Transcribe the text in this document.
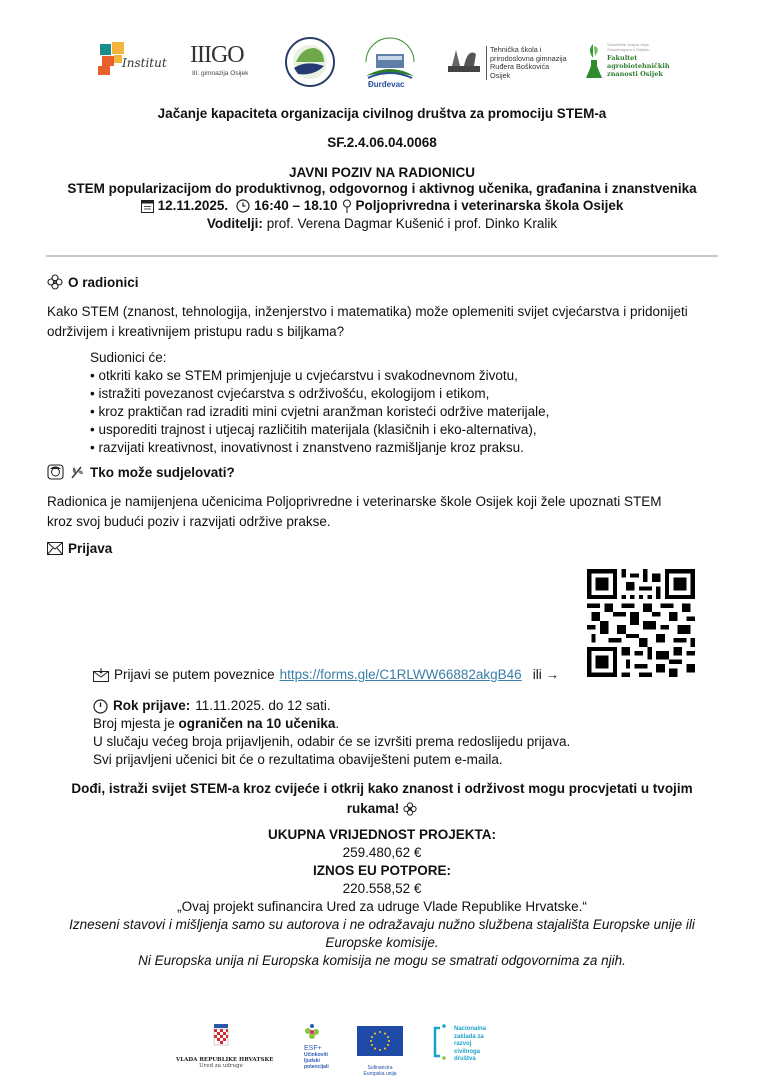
Institut IIIGO
III. gimnazija Osijek
Đurđevac
Tehnička škola i
prirodoslovna gimnazija
Ruđera Boškovića
Osijek
Sveučilište Josipa Jurja Strossmayera u Osijeku
Fakultet
agrobiotehničkih
znanosti Osijek
Jačanje kapaciteta organizacija civilnog društva za promociju STEM-a
SF.2.4.06.04.0068
JAVNI POZIV NA RADIONICU
STEM popularizacijom do produktivnog, odgovornog i aktivnog učenika, građanina i znanstvenika
12.11.2025. 16:40 – 18.10 Poljoprivredna i veterinarska škola Osijek
Voditelji: prof. Verena Dagmar Kušenić i prof. Dinko Kralik
O radionici
Kako STEM (znanost, tehnologija, inženjerstvo i matematika) može oplemeniti svijet cvjećarstva i pridonijeti
održivijem i kreativnijem pristupu radu s biljkama?
Sudionici će:
• otkriti kako se STEM primjenjuje u cvjećarstvu i svakodnevnom životu,
• istražiti povezanost cvjećarstva s održivošću, ekologijom i etikom,
• kroz praktičan rad izraditi mini cvjetni aranžman koristeći održive materijale,
• usporediti trajnost i utjecaj različitih materijala (klasičnih i eko-alternativa),
• razvijati kreativnost, inovativnost i znanstveno razmišljanje kroz praksu.
Tko može sudjelovati?
Radionica je namijenjena učenicima Poljoprivredne i veterinarske škole Osijek koji žele upoznati STEM
kroz svoj budući poziv i razvijati održive prakse.
Prijava
Prijavi se putem poveznice https://forms.gle/C1RLWW66882akgB46 ili →
Rok prijave: 11.11.2025. do 12 sati.
Broj mjesta je ograničen na 10 učenika.
U slučaju većeg broja prijavljenih, odabir će se izvršiti prema redoslijedu prijava.
Svi prijavljeni učenici bit će o rezultatima obaviješteni putem e-maila.
Dođi, istraži svijet STEM-a kroz cvijeće i otkrij kako znanost i održivost mogu procvjetati u tvojim
rukama!
UKUPNA VRIJEDNOST PROJEKTA:
259.480,62 €
IZNOS EU POTPORE:
220.558,52 €
„Ovaj projekt sufinancira Ured za udruge Vlade Republike Hrvatske.“
Izneseni stavovi i mišljenja samo su autorova i ne odražavaju nužno službena stajališta Europske unije ili
Europske komisije.
Ni Europska unija ni Europska komisija ne mogu se smatrati odgovornima za njih.
VLADA REPUBLIKE HRVATSKE
Ured za udruge
ESF+
Učinkoviti
ljudski
potencijali	Sufinancira
Europska unija
Nacionalna
zaklada za
razvoj
civilnoga
društva
